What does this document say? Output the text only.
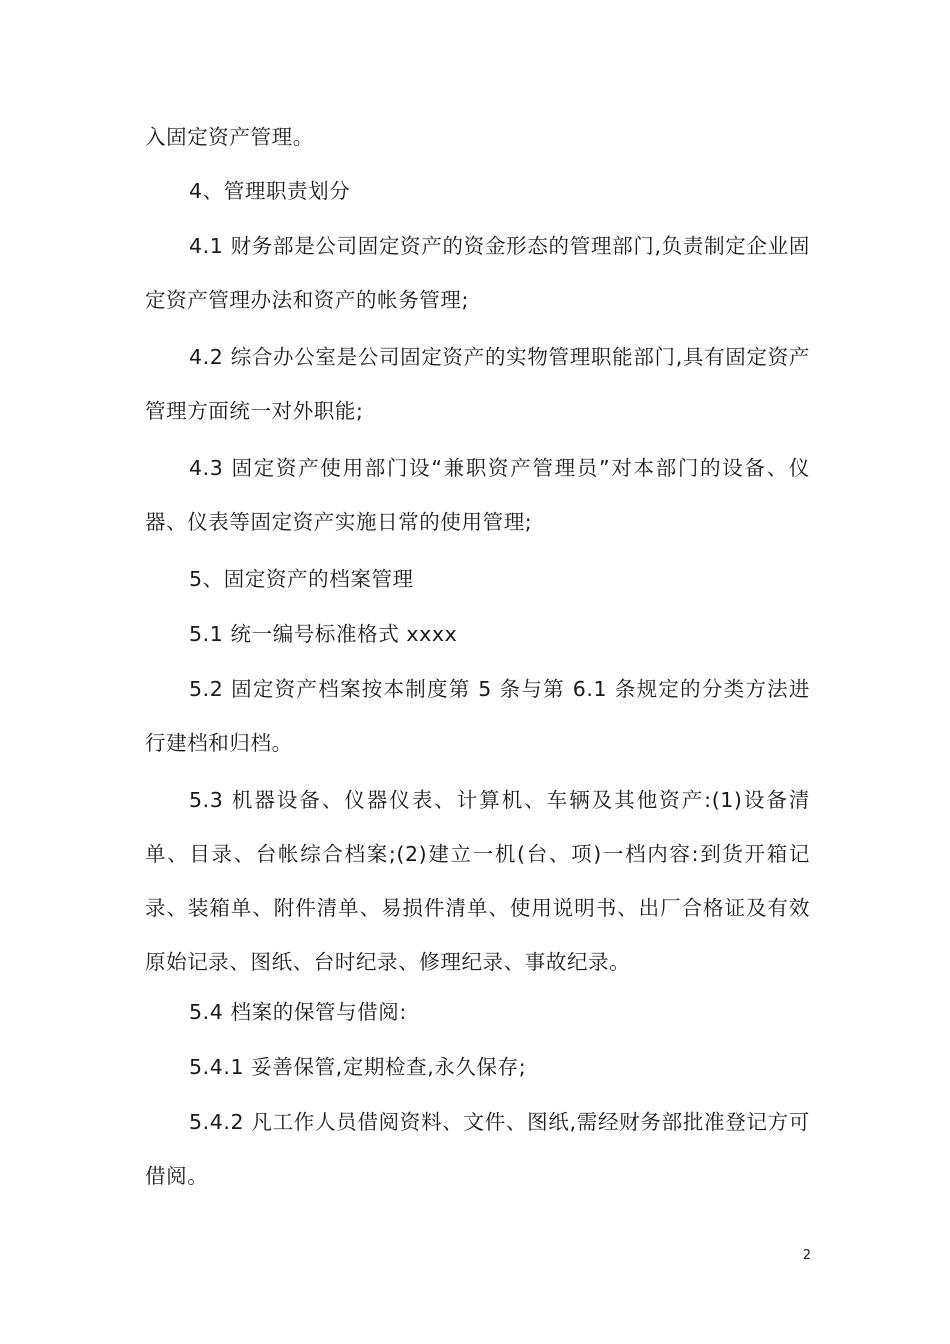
入固定资产管理。

4、管理职责划分

4.1 财务部是公司固定资产的资金形态的管理部门,负责制定企业固定资产管理办法和资产的帐务管理;

4.2 综合办公室是公司固定资产的实物管理职能部门,具有固定资产管理方面统一对外职能;

4.3 固定资产使用部门设“兼职资产管理员”对本部门的设备、仪器、仪表等固定资产实施日常的使用管理;

5、固定资产的档案管理

5.1 统一编号标准格式 xxxx

5.2 固定资产档案按本制度第 5 条与第 6.1 条规定的分类方法进行建档和归档。

5.3 机器设备、仪器仪表、计算机、车辆及其他资产:(1)设备清单、目录、台帐综合档案;(2)建立一机(台、项)一档内容:到货开箱记录、装箱单、附件清单、易损件清单、使用说明书、出厂合格证及有效原始记录、图纸、台时纪录、修理纪录、事故纪录。

5.4 档案的保管与借阅:

5.4.1 妥善保管,定期检查,永久保存;

5.4.2 凡工作人员借阅资料、文件、图纸,需经财务部批准登记方可借阅。

2
